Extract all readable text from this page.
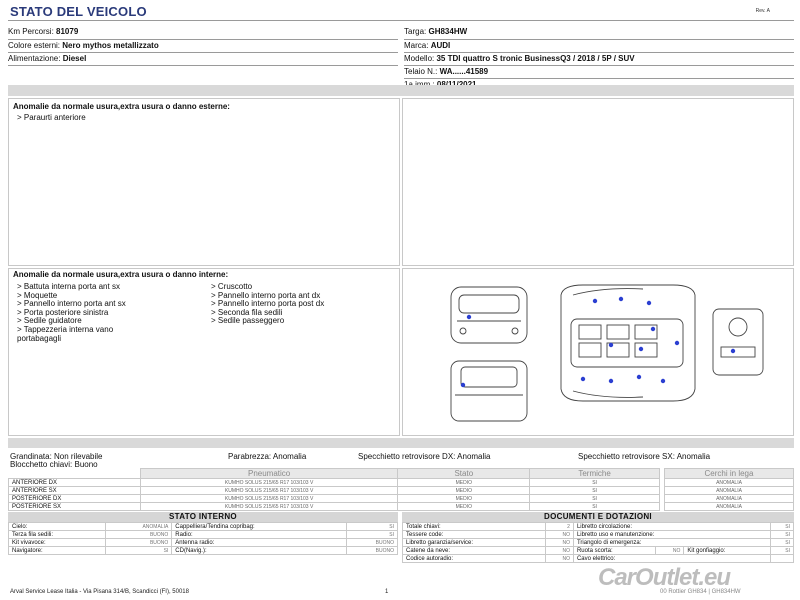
STATO DEL VEICOLO	Rev. A
Km Percorsi: 81079
Colore esterni: Nero mythos metallizzato
Alimentazione: Diesel
Targa: GH834HW
Marca: AUDI
Modello: 35 TDI quattro S tronic BusinessQ3 / 2018 / 5P / SUV
Telaio N.: WA......41589
Anomalie da normale usura,extra usura o danno esterne:
> Paraurti anteriore
Anomalie da normale usura,extra usura o danno interne:
> Battuta interna porta ant sx
> Moquette
> Pannello interno porta ant sx
> Porta posteriore sinistra
> Sedile guidatore
> Tappezzeria interna vano
portabagagli
> Cruscotto
> Pannello interno porta ant dx
> Pannello interno porta post dx
> Seconda fila sedili
> Sedile passeggero
Grandinata: Non rilevabile	Parabrezza: Anomalia	Specchietto retrovisore DX: Anomalia	Specchietto retrovisore SX: Anomalia
Blocchetto chiavi: Buono
	Pneumatico	Stato	Termiche
ANTERIORE DX	KUMHO SOLUS 215/65 R17 103/103 V	MEDIO	SI
ANTERIORE SX	KUMHO SOLUS 215/65 R17 103/103 V	MEDIO	SI
POSTERIORE DX	KUMHO SOLUS 215/65 R17 103/103 V	MEDIO	SI
POSTERIORE SX	KUMHO SOLUS 215/65 R17 103/103 V	MEDIO	SI
Cerchi in lega
ANOMALIA
ANOMALIA
ANOMALIA
ANOMALIA
STATO INTERNO
Cielo:	ANOMALIA	Cappelliera/Tendina copribag:	SI
Terza fila sedili:	BUONO	Radio:	SI
Kit vivavoce:	BUONO	Antenna radio:	BUONO
Navigatore:	SI	CD(Navig.):	BUONO
DOCUMENTI E DOTAZIONI
Totale chiavi:	2	Libretto circolazione:			SI
Tessere code:	NO	Libretto uso e manutenzione:			SI
Libretto garanzia/service:	NO	Triangolo di emergenza:			SI
Catene da neve:	NO	Ruota scorta:	NO	Kit gonfiaggio:	SI
Codice autoradio:	NO	Cavo elettrico:			
Arval Service Lease Italia - Via Pisana 314/B, Scandicci (FI), 50018	1	00 Rottier GH834 | GH834HW
CarOutlet.eu
